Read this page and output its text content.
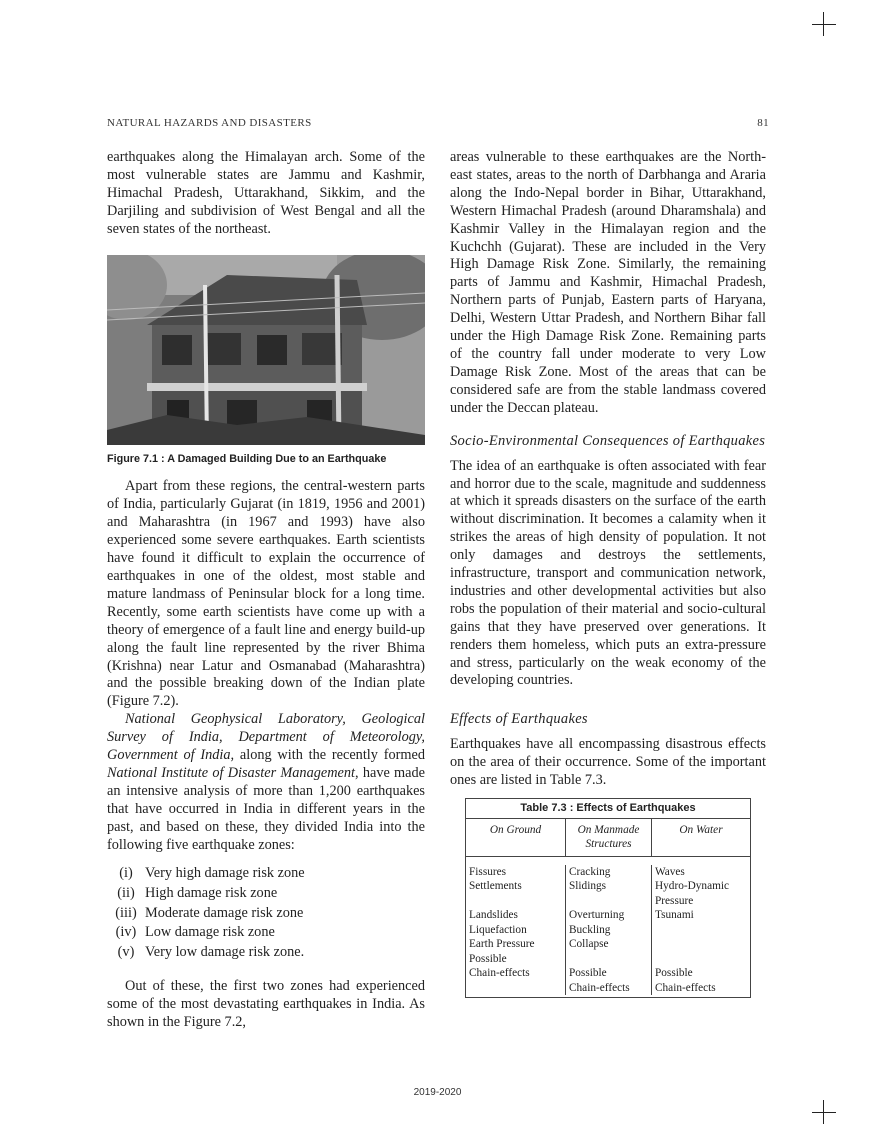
NATURAL HAZARDS AND DISASTERS	81

earthquakes along the Himalayan arch. Some of the most vulnerable states are Jammu and Kashmir, Himachal Pradesh, Uttarakhand, Sikkim, and the Darjiling and subdivision of West Bengal and all the seven states of the northeast.

Figure 7.1 : A Damaged Building Due to an Earthquake

Apart from these regions, the central-western parts of India, particularly Gujarat (in 1819, 1956 and 2001) and Maharashtra (in 1967 and 1993) have also experienced some severe earthquakes. Earth scientists have found it difficult to explain the occurrence of earthquakes in one of the oldest, most stable and mature landmass of Peninsular block for a long time. Recently, some earth scientists have come up with a theory of emergence of a fault line and energy build-up along the fault line represented by the river Bhima (Krishna) near Latur and Osmanabad (Maharashtra) and the possible breaking down of the Indian plate (Figure 7.2).

National Geophysical Laboratory, Geological Survey of India, Department of Meteorology, Government of India, along with the recently formed National Institute of Disaster Management, have made an intensive analysis of more than 1,200 earthquakes that have occurred in India in different years in the past, and based on these, they divided India into the following five earthquake zones:

(i) Very high damage risk zone
(ii) High damage risk zone
(iii) Moderate damage risk zone
(iv) Low damage risk zone
(v) Very low damage risk zone.

Out of these, the first two zones had experienced some of the most devastating earthquakes in India. As shown in the Figure 7.2,

areas vulnerable to these earthquakes are the North-east states, areas to the north of Darbhanga and Araria along the Indo-Nepal border in Bihar, Uttarakhand, Western Himachal Pradesh (around Dharamshala) and Kashmir Valley in the Himalayan region and the Kuchchh (Gujarat). These are included in the Very High Damage Risk Zone. Similarly, the remaining parts of Jammu and Kashmir, Himachal Pradesh, Northern parts of Punjab, Eastern parts of Haryana, Delhi, Western Uttar Pradesh, and Northern Bihar fall under the High Damage Risk Zone. Remaining parts of the country fall under moderate to very Low Damage Risk Zone. Most of the areas that can be considered safe are from the stable landmass covered under the Deccan plateau.

Socio-Environmental Consequences of Earthquakes

The idea of an earthquake is often associated with fear and horror due to the scale, magnitude and suddenness at which it spreads disasters on the surface of the earth without discrimination. It becomes a calamity when it strikes the areas of high density of population. It not only damages and destroys the settlements, infrastructure, transport and communication network, industries and other developmental activities but also robs the population of their material and socio-cultural gains that they have preserved over generations. It renders them homeless, which puts an extra-pressure and stress, particularly on the weak economy of the developing countries.

Effects of Earthquakes

Earthquakes have all encompassing disastrous effects on the area of their occurrence. Some of the important ones are listed in Table 7.3.

Table 7.3 : Effects of Earthquakes
On Ground	On Manmade Structures
On Water
Fissures
Settlements

Landslides
Liquefaction
Earth Pressure
Possible
Chain-effects
Cracking
Slidings

Overturning
Buckling
Collapse

Possible
Chain-effects
Waves
Hydro-Dynamic
Pressure
Tsunami

Possible
Chain-effects
2019-2020
